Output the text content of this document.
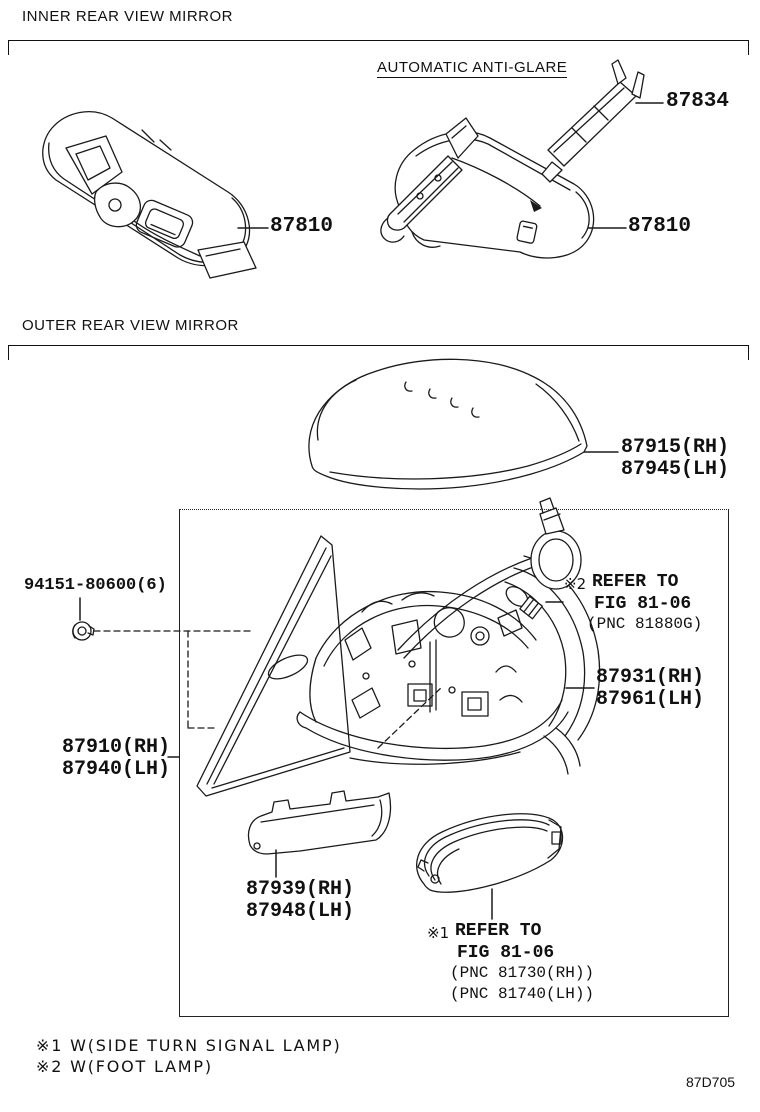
INNER REAR VIEW MIRROR
AUTOMATIC ANTI-GLARE
OUTER REAR VIEW MIRROR
87834
87810	87810
87915(RH)
87945(LH)
94151-80600(6)
87931(RH)
87961(LH)
87910(RH)
87940(LH)
87939(RH)
87948(LH)
※2 REFER TO
FIG 81-06
(PNC 81880G)
※1 REFER TO
FIG 81-06
(PNC 81730(RH))
(PNC 81740(LH))
※1 W(SIDE TURN SIGNAL LAMP)
※2 W(FOOT LAMP)
87D705
